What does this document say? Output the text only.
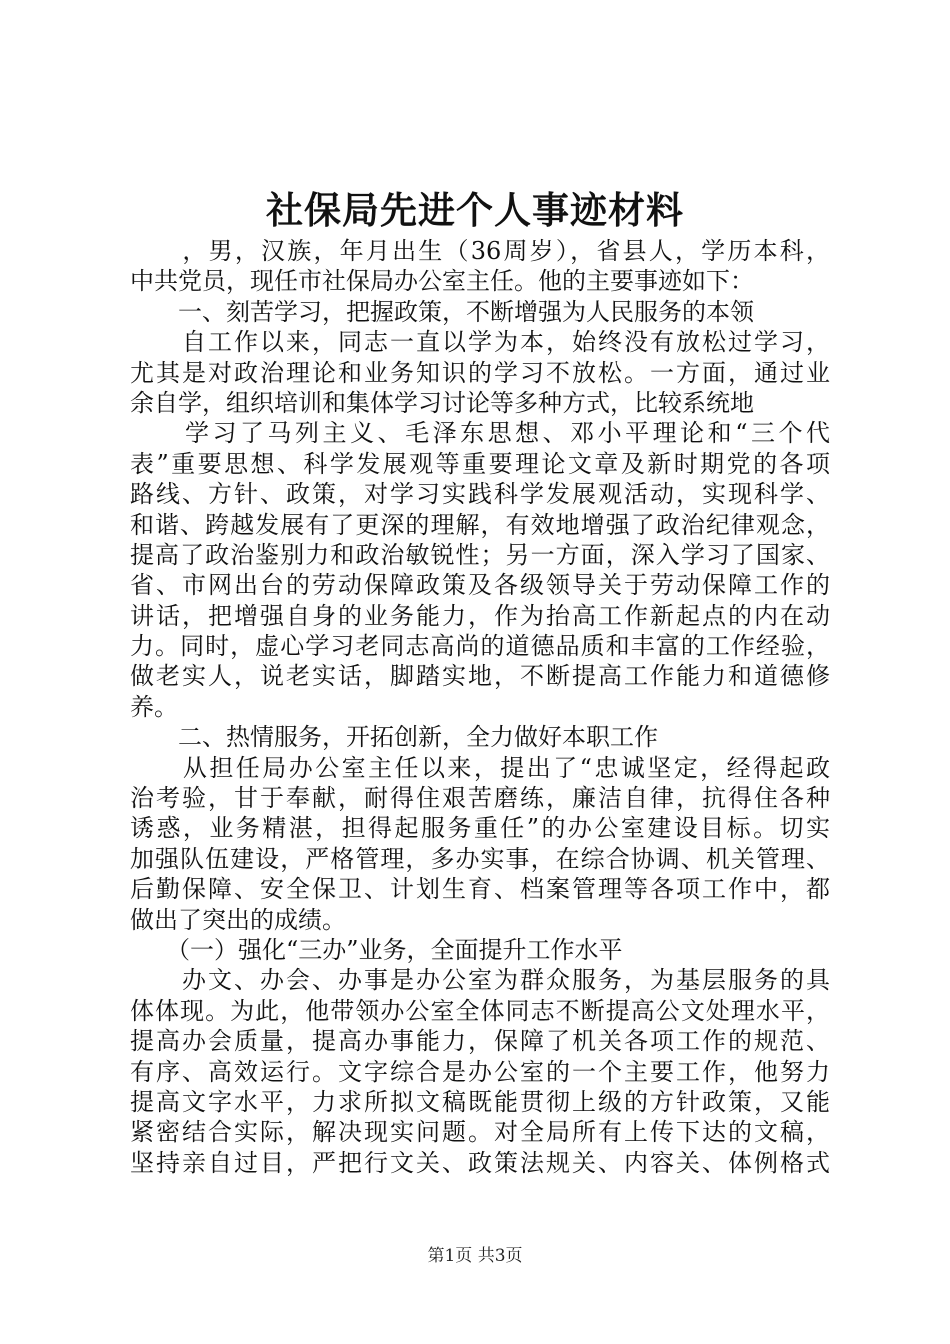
社保局先进个人事迹材料
　　，男，汉族，年月出生（36周岁），省县人，学历本科，
中共党员，现任市社保局办公室主任。他的主要事迹如下：
　　一、刻苦学习，把握政策，不断增强为人民服务的本领
　　自工作以来，同志一直以学为本，始终没有放松过学习，
尤其是对政治理论和业务知识的学习不放松。一方面，通过业
余自学，组织培训和集体学习讨论等多种方式，比较系统地
　　学习了马列主义、毛泽东思想、邓小平理论和“三个代
表”重要思想、科学发展观等重要理论文章及新时期党的各项
路线、方针、政策，对学习实践科学发展观活动，实现科学、
和谐、跨越发展有了更深的理解，有效地增强了政治纪律观念，
提高了政治鉴别力和政治敏锐性；另一方面，深入学习了国家、
省、市网出台的劳动保障政策及各级领导关于劳动保障工作的
讲话，把增强自身的业务能力，作为抬高工作新起点的内在动
力。同时，虚心学习老同志高尚的道德品质和丰富的工作经验，
做老实人，说老实话，脚踏实地，不断提高工作能力和道德修
养。
　　二、热情服务，开拓创新，全力做好本职工作
　　从担任局办公室主任以来，提出了“忠诚坚定，经得起政
治考验，甘于奉献，耐得住艰苦磨练，廉洁自律，抗得住各种
诱惑，业务精湛，担得起服务重任”的办公室建设目标。切实
加强队伍建设，严格管理，多办实事，在综合协调、机关管理、
后勤保障、安全保卫、计划生育、档案管理等各项工作中，都
做出了突出的成绩。
　　（一）强化“三办”业务，全面提升工作水平
　　办文、办会、办事是办公室为群众服务，为基层服务的具
体体现。为此，他带领办公室全体同志不断提高公文处理水平，
提高办会质量，提高办事能力，保障了机关各项工作的规范、
有序、高效运行。文字综合是办公室的一个主要工作，他努力
提高文字水平，力求所拟文稿既能贯彻上级的方针政策，又能
紧密结合实际，解决现实问题。对全局所有上传下达的文稿，
坚持亲自过目，严把行文关、政策法规关、内容关、体例格式
第1页 共3页
